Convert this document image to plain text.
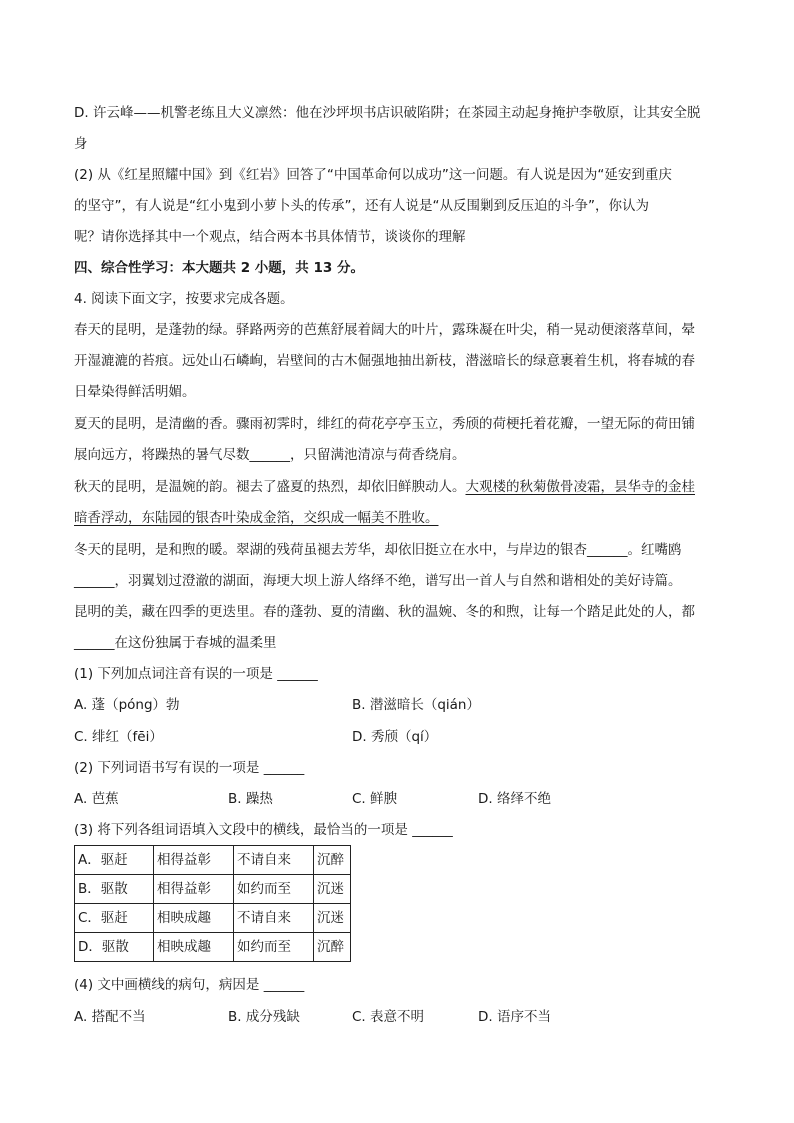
D. 许云峰——机警老练且大义凛然：他在沙坪坝书店识破陷阱；在茶园主动起身掩护李敬原，让其安全脱
身
(2) 从《红星照耀中国》到《红岩》回答了“中国革命何以成功”这一问题。有人说是因为“延安到重庆
的坚守”，有人说是“红小鬼到小萝卜头的传承”，还有人说是“从反围剿到反压迫的斗争”，你认为
呢？请你选择其中一个观点，结合两本书具体情节，谈谈你的理解
四、综合性学习：本大题共 2 小题，共 13 分。
4. 阅读下面文字，按要求完成各题。
春天的昆明，是蓬勃的绿。驿路两旁的芭蕉舒展着阔大的叶片，露珠凝在叶尖，稍一晃动便滚落草间，晕
开湿漉漉的苔痕。远处山石嶙峋，岩壁间的古木倔强地抽出新枝，潜滋暗长的绿意裹着生机，将春城的春
日晕染得鲜活明媚。
夏天的昆明，是清幽的香。骤雨初霁时，绯红的荷花亭亭玉立，秀颀的荷梗托着花瓣，一望无际的荷田铺
展向远方，将躁热的暑气尽数______，只留满池清凉与荷香绕肩。
秋天的昆明，是温婉的韵。褪去了盛夏的热烈，却依旧鲜腴动人。大观楼的秋菊傲骨凌霜，昙华寺的金桂
暗香浮动，东陆园的银杏叶染成金箔，交织成一幅美不胜收。
冬天的昆明，是和煦的暖。翠湖的残荷虽褪去芳华，却依旧挺立在水中，与岸边的银杏______。红嘴鸥
______，羽翼划过澄澈的湖面，海埂大坝上游人络绎不绝，谱写出一首人与自然和谐相处的美好诗篇。
昆明的美，藏在四季的更迭里。春的蓬勃、夏的清幽、秋的温婉、冬的和煦，让每一个踏足此处的人，都
______在这份独属于春城的温柔里
(1) 下列加点词注音有误的一项是 ______
A. 蓬（póng）勃	B. 潜滋暗长（qián）
C. 绯红（fēi）	D. 秀颀（qí）
(2) 下列词语书写有误的一项是 ______
A. 芭蕉	B. 躁热	C. 鲜腴	D. 络绎不绝
(3) 将下列各组词语填入文段中的横线，最恰当的一项是 ______
A．驱赶	相得益彰	不请自来	沉醉
B．驱散	相得益彰	如约而至	沉迷
C．驱赶	相映成趣	不请自来	沉迷
D．驱散	相映成趣	如约而至	沉醉
(4) 文中画横线的病句，病因是 ______
A. 搭配不当	B. 成分残缺	C. 表意不明	D. 语序不当
